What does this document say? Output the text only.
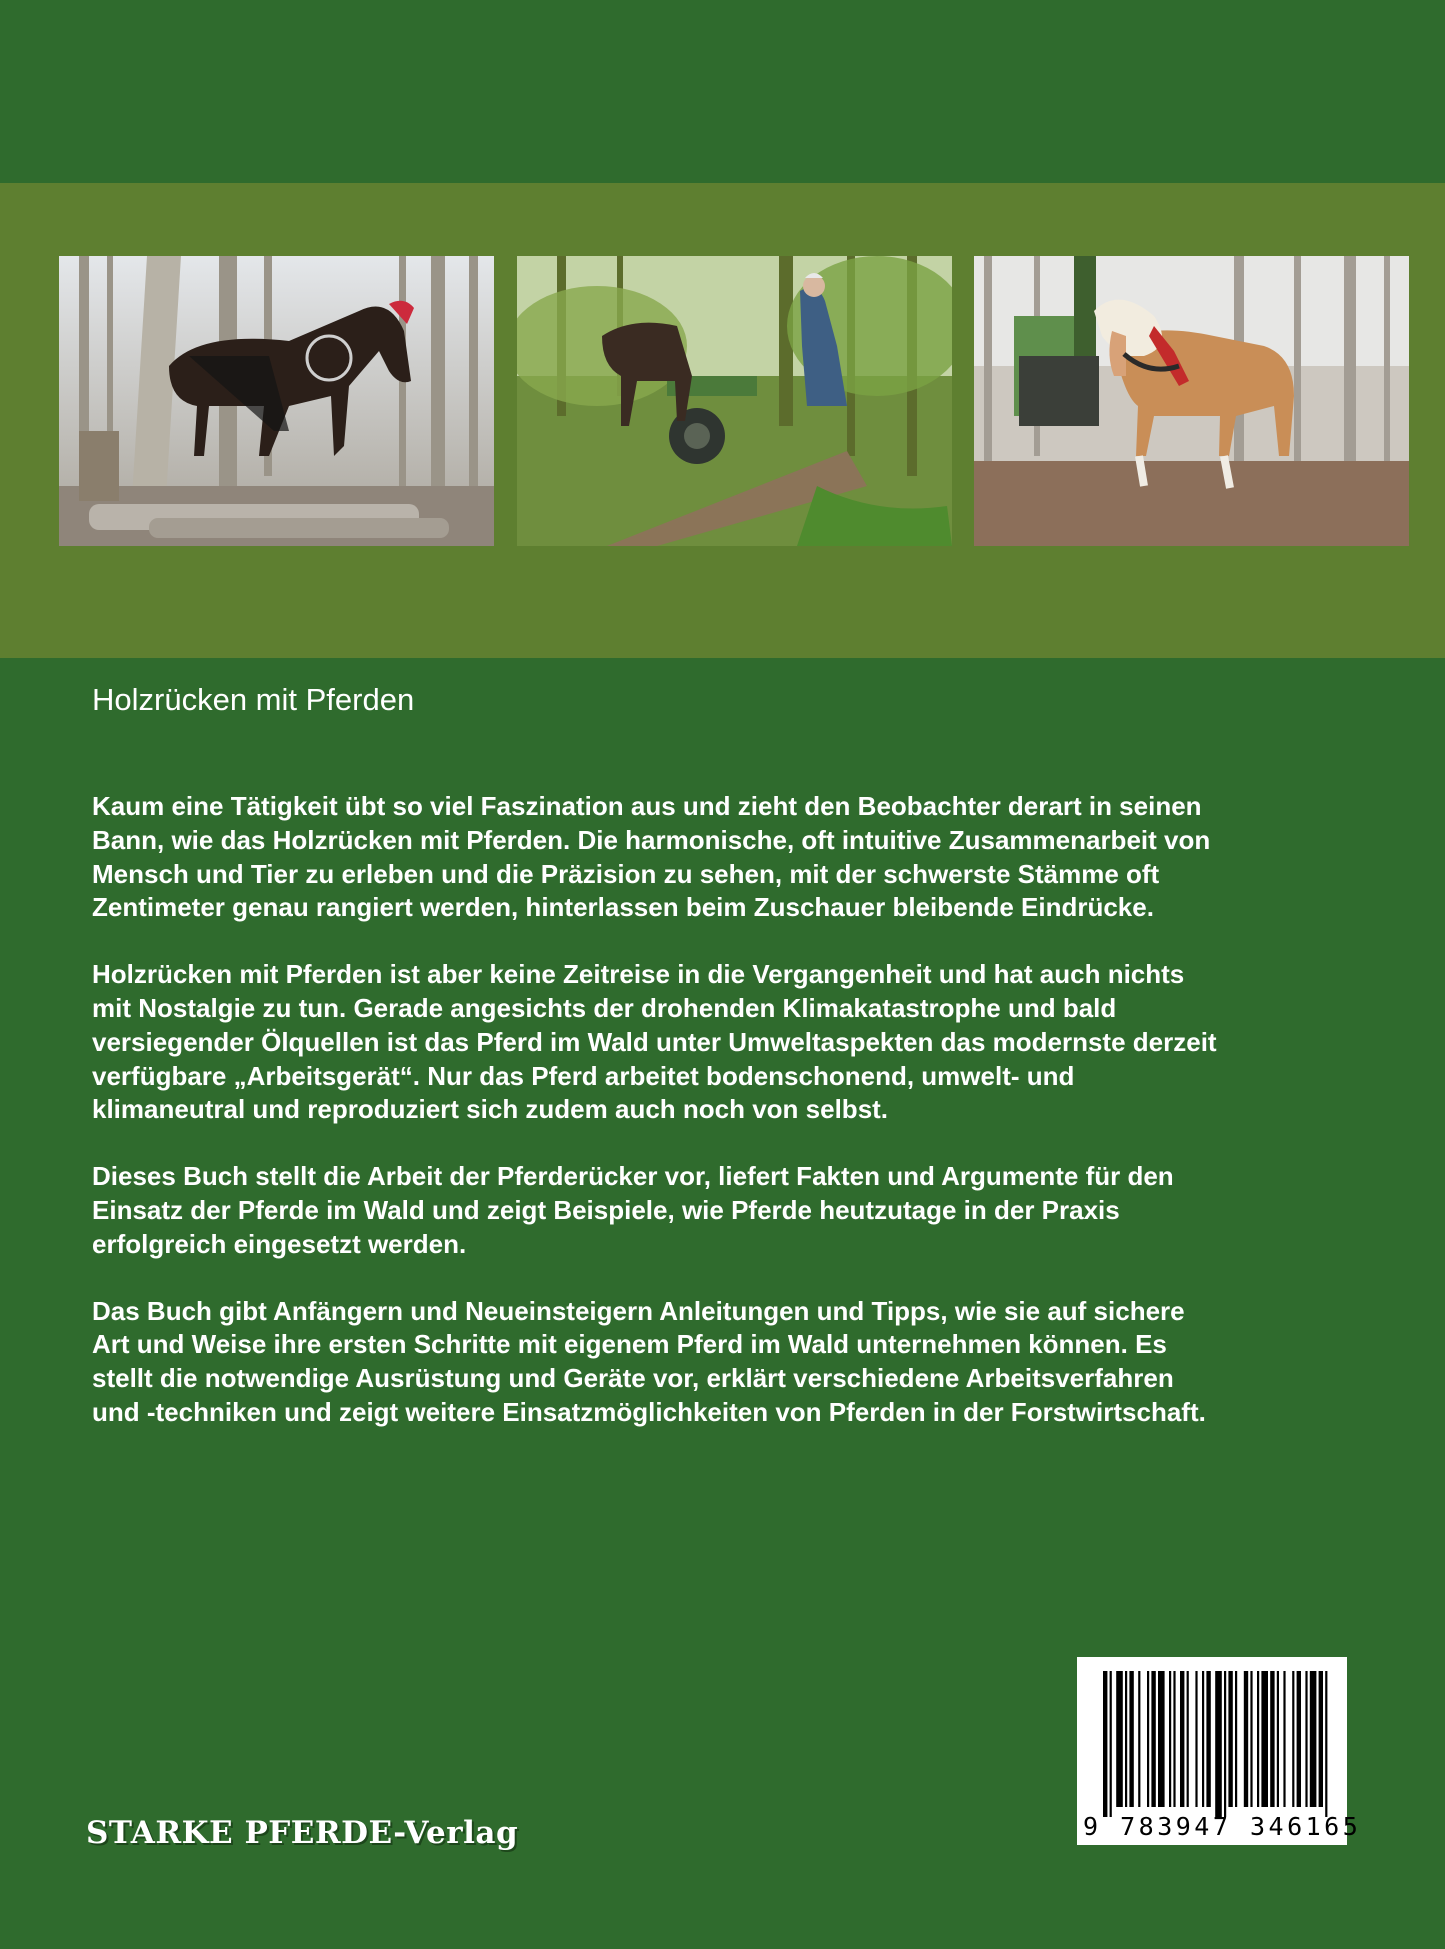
Holzrücken mit Pferden

Kaum eine Tätigkeit übt so viel Faszination aus und zieht den Beobachter derart in seinen Bann, wie das Holzrücken mit Pferden. Die harmonische, oft intuitive Zusammenarbeit von Mensch und Tier zu erleben und die Präzision zu sehen, mit der schwerste Stämme oft Zentimeter genau rangiert werden, hinterlassen beim Zuschauer bleibende Eindrücke.

Holzrücken mit Pferden ist aber keine Zeitreise in die Vergangenheit und hat auch nichts mit Nostalgie zu tun. Gerade angesichts der drohenden Klimakatastrophe und bald versiegender Ölquellen ist das Pferd im Wald unter Umweltaspekten das modernste derzeit verfügbare „Arbeitsgerät“. Nur das Pferd arbeitet bodenschonend, umwelt- und klimaneutral und reproduziert sich zudem auch noch von selbst.

Dieses Buch stellt die Arbeit der Pferderücker vor, liefert Fakten und Argumente für den Einsatz der Pferde im Wald und zeigt Beispiele, wie Pferde heutzutage in der Praxis erfolgreich eingesetzt werden.

Das Buch gibt Anfängern und Neueinsteigern Anleitungen und Tipps, wie sie auf sichere Art und Weise ihre ersten Schritte mit eigenem Pferd im Wald unternehmen können. Es stellt die notwendige Ausrüstung und Geräte vor, erklärt verschiedene Arbeitsverfahren und -techniken und zeigt weitere Einsatzmöglichkeiten von Pferden in der Forstwirtschaft.

STARKE PFERDE-Verlag	9 783947 346165
